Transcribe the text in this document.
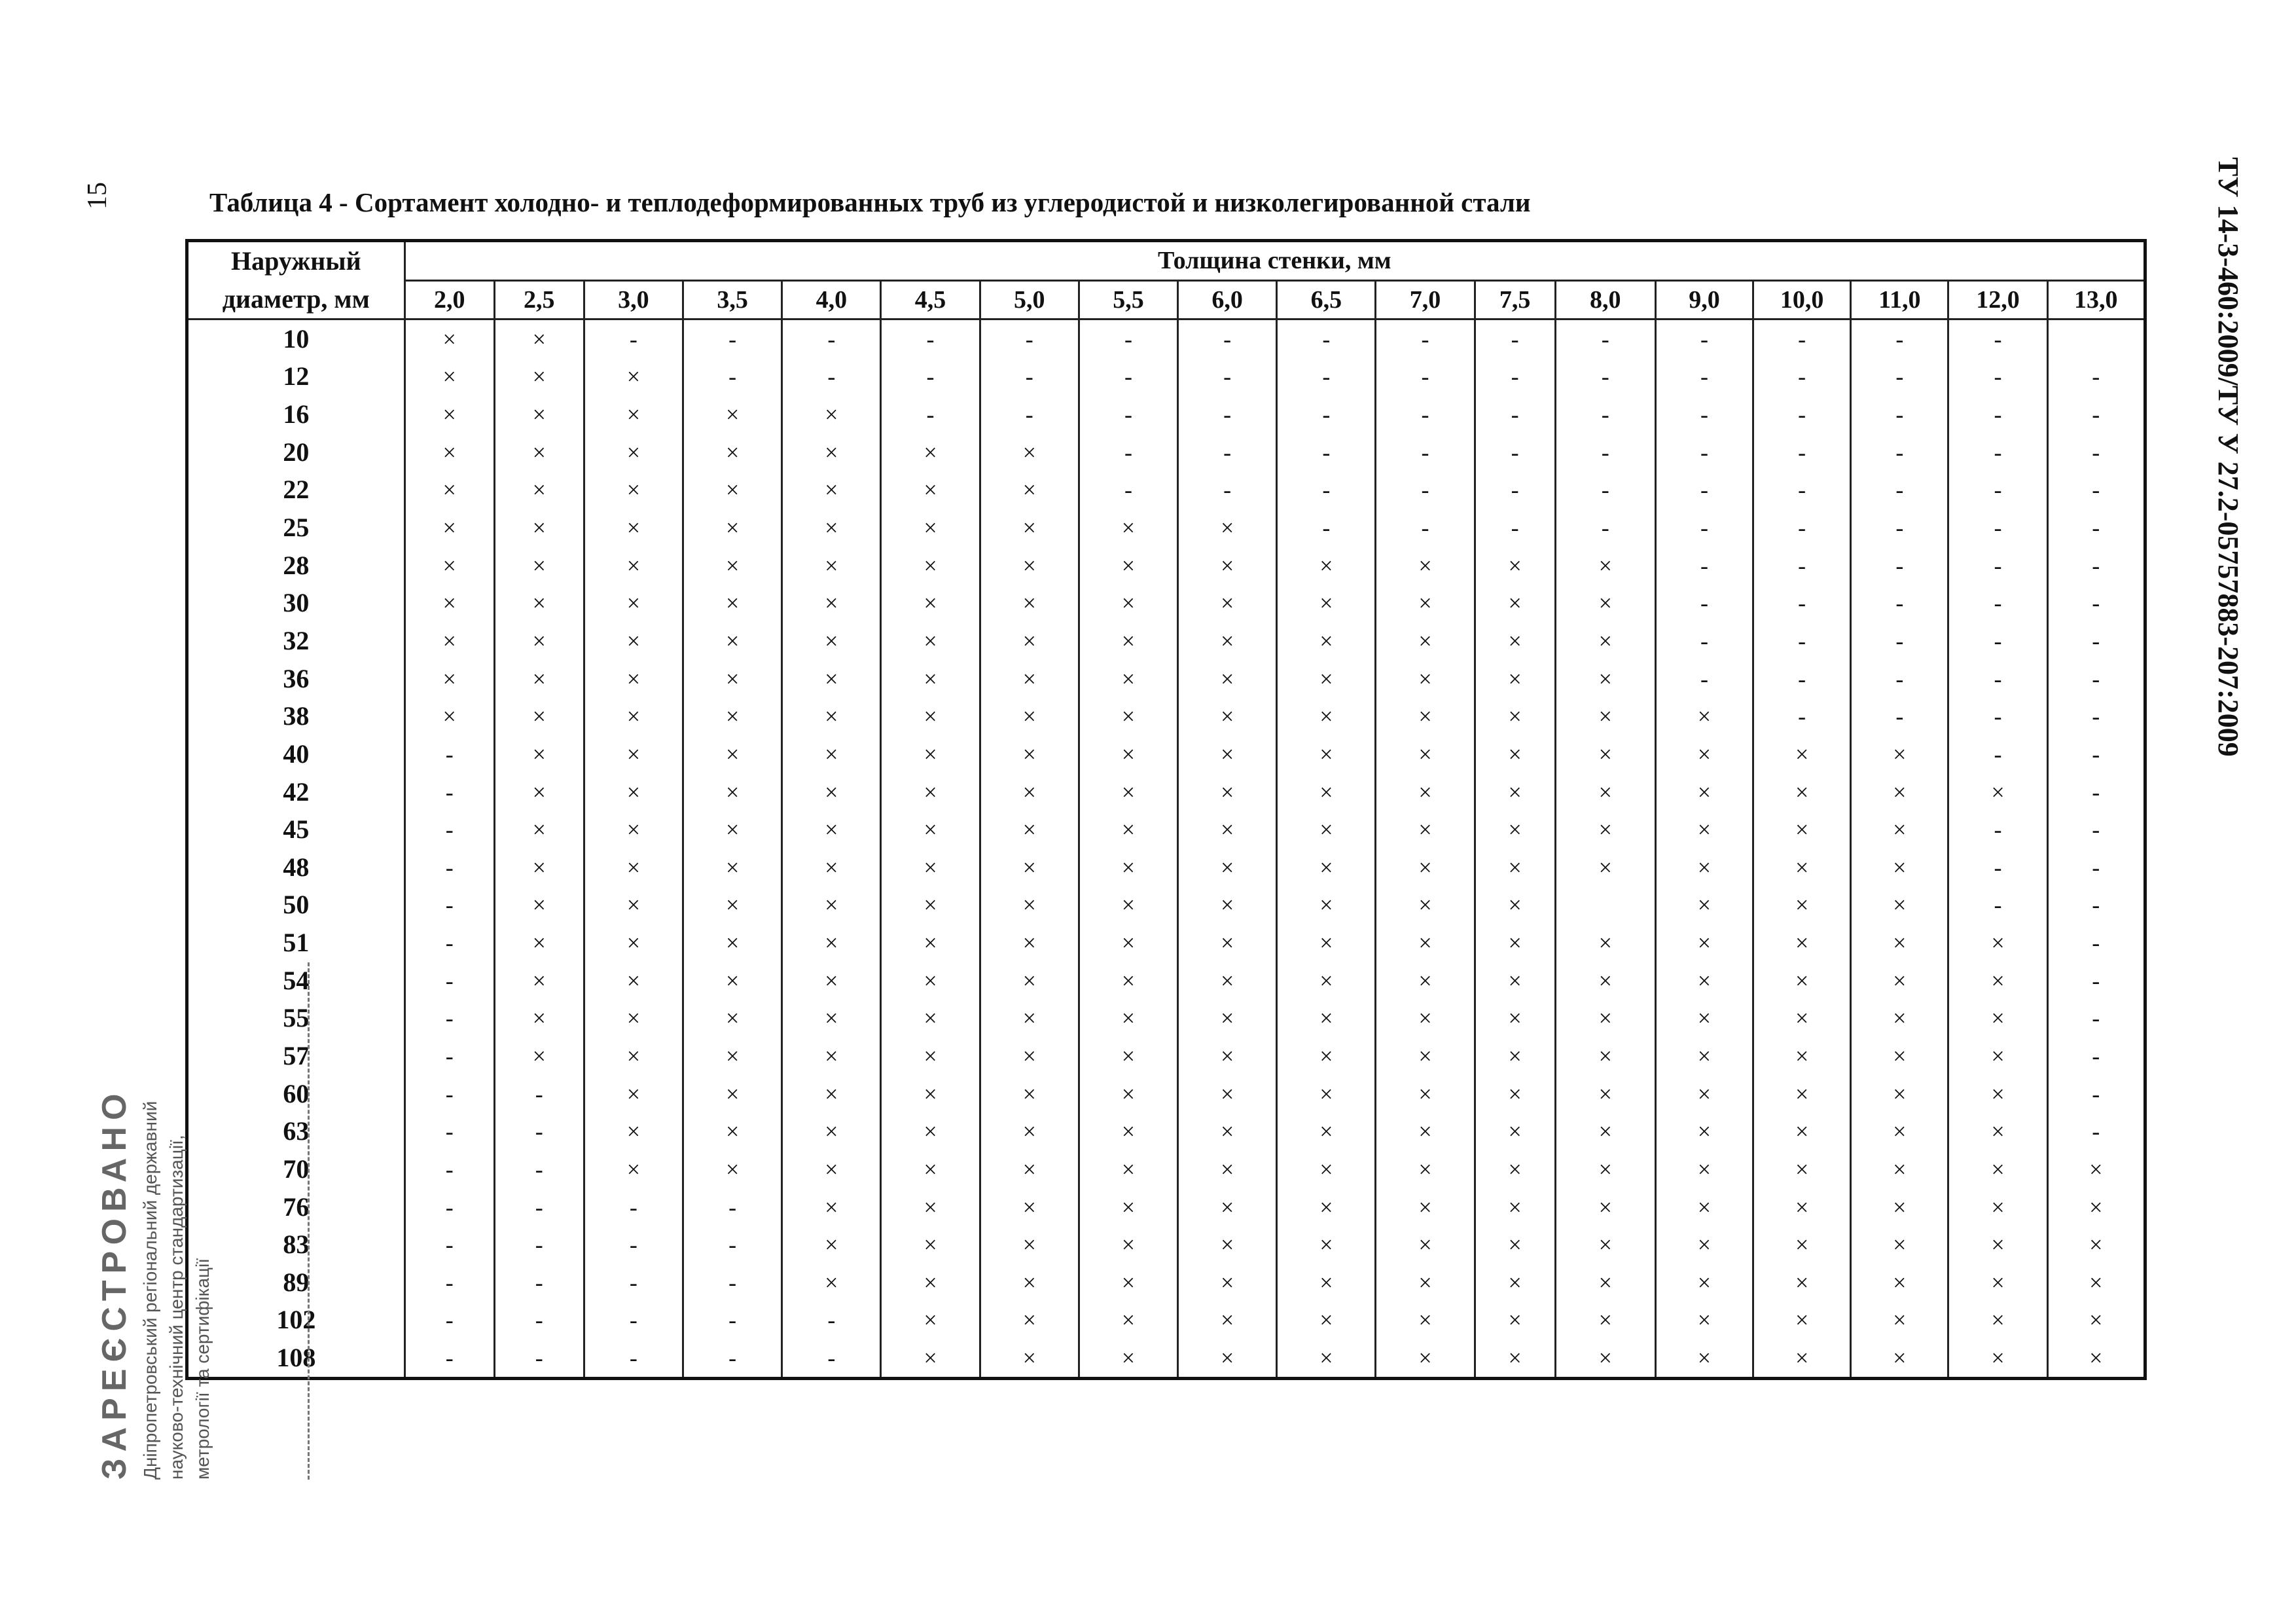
ТУ 14-3-460:2009/ТУ У 27.2-05757883-207:2009
15	Таблица 4 - Сортамент холодно- и теплодеформированных труб из углеродистой и низколегированной стали
Наружный
диаметр, мм	Толщина стенки, мм																	
	2,0	2,5	3,0	3,5	4,0	4,5	5,0	5,5	6,0	6,5	7,0	7,5	8,0	9,0	10,0	11,0	12,0	13,0
10	×	×	-	-	-	-	-	-	-	-	-	-	-	-	-	-	-	
12	×	×	×	-	-	-	-	-	-	-	-	-	-	-	-	-	-	-
16	×	×	×	×	×	-	-	-	-	-	-	-	-	-	-	-	-	-
20	×	×	×	×	×	×	×	-	-	-	-	-	-	-	-	-	-	-
22	×	×	×	×	×	×	×	-	-	-	-	-	-	-	-	-	-	-
25	×	×	×	×	×	×	×	×	×	-	-	-	-	-	-	-	-	-
28	×	×	×	×	×	×	×	×	×	×	×	×	×	-	-	-	-	-
30	×	×	×	×	×	×	×	×	×	×	×	×	×	-	-	-	-	-
32	×	×	×	×	×	×	×	×	×	×	×	×	×	-	-	-	-	-
36	×	×	×	×	×	×	×	×	×	×	×	×	×	-	-	-	-	-
38	×	×	×	×	×	×	×	×	×	×	×	×	×	×	-	-	-	-
40	-	×	×	×	×	×	×	×	×	×	×	×	×	×	×	×	-	-
42	-	×	×	×	×	×	×	×	×	×	×	×	×	×	×	×	×	-
45	-	×	×	×	×	×	×	×	×	×	×	×	×	×	×	×	-	-
48	-	×	×	×	×	×	×	×	×	×	×	×	×	×	×	×	-	-
50	-	×	×	×	×	×	×	×	×	×	×	×		×	×	×	-	-
51	-	×	×	×	×	×	×	×	×	×	×	×	×	×	×	×	×	-
54	-	×	×	×	×	×	×	×	×	×	×	×	×	×	×	×	×	-
55	-	×	×	×	×	×	×	×	×	×	×	×	×	×	×	×	×	-
57	-	×	×	×	×	×	×	×	×	×	×	×	×	×	×	×	×	-
60	-	-	×	×	×	×	×	×	×	×	×	×	×	×	×	×	×	-
63	-	-	×	×	×	×	×	×	×	×	×	×	×	×	×	×	×	-
70	-	-	×	×	×	×	×	×	×	×	×	×	×	×	×	×	×	×
76	-	-	-	-	×	×	×	×	×	×	×	×	×	×	×	×	×	×
83	-	-	-	-	×	×	×	×	×	×	×	×	×	×	×	×	×	×
89	-	-	-	-	×	×	×	×	×	×	×	×	×	×	×	×	×	×
102	-	-	-	-	-	×	×	×	×	×	×	×	×	×	×	×	×	×
108	-	-	-	-	-	×	×	×	×	×	×	×	×	×	×	×	×	×
ЗАРЕЄСТРОВАНО Дніпропетровський регіональний державний науково-технічний центр стандартизації, метрології та сертифікації
